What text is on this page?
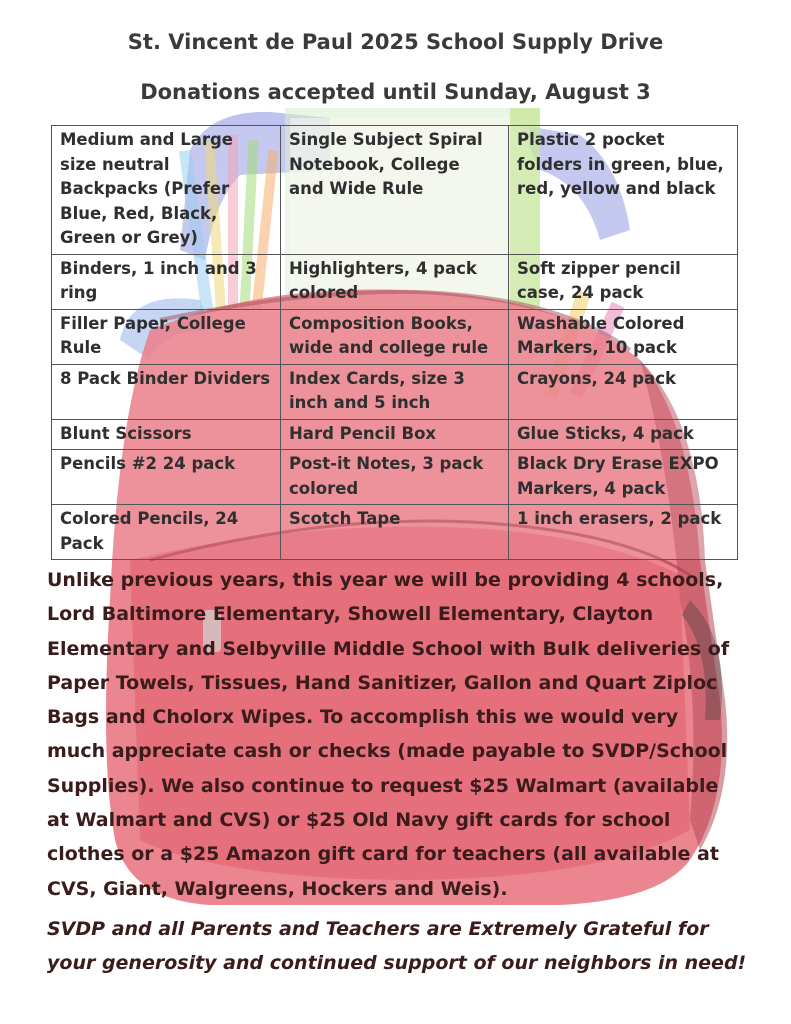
St. Vincent de Paul 2025 School Supply Drive
Donations accepted until Sunday, August 3
Medium and Large size neutral Backpacks (Prefer Blue, Red, Black, Green or Grey)	Single Subject Spiral Notebook, College and Wide Rule	Plastic 2 pocket folders in green, blue, red, yellow and black
Binders, 1 inch and 3 ring	Highlighters, 4 pack colored	Soft zipper pencil case, 24 pack
Filler Paper, College Rule	Composition Books, wide and college rule	Washable Colored Markers, 10 pack
8 Pack Binder Dividers	Index Cards, size 3 inch and 5 inch	Crayons, 24 pack
Blunt Scissors	Hard Pencil Box	Glue Sticks, 4 pack
Pencils #2 24 pack	Post-it Notes, 3 pack colored	Black Dry Erase EXPO Markers, 4 pack
Colored Pencils, 24 Pack	Scotch Tape	1 inch erasers, 2 pack

Unlike previous years, this year we will be providing 4 schools, Lord Baltimore Elementary, Showell Elementary, Clayton Elementary and Selbyville Middle School with Bulk deliveries of Paper Towels, Tissues, Hand Sanitizer, Gallon and Quart Ziploc Bags and Cholorx Wipes. To accomplish this we would very much appreciate cash or checks (made payable to SVDP/School Supplies). We also continue to request $25 Walmart (available at Walmart and CVS) or $25 Old Navy gift cards for school clothes or a $25 Amazon gift card for teachers (all available at CVS, Giant, Walgreens, Hockers and Weis).

SVDP and all Parents and Teachers are Extremely Grateful for your generosity and continued support of our neighbors in need!
